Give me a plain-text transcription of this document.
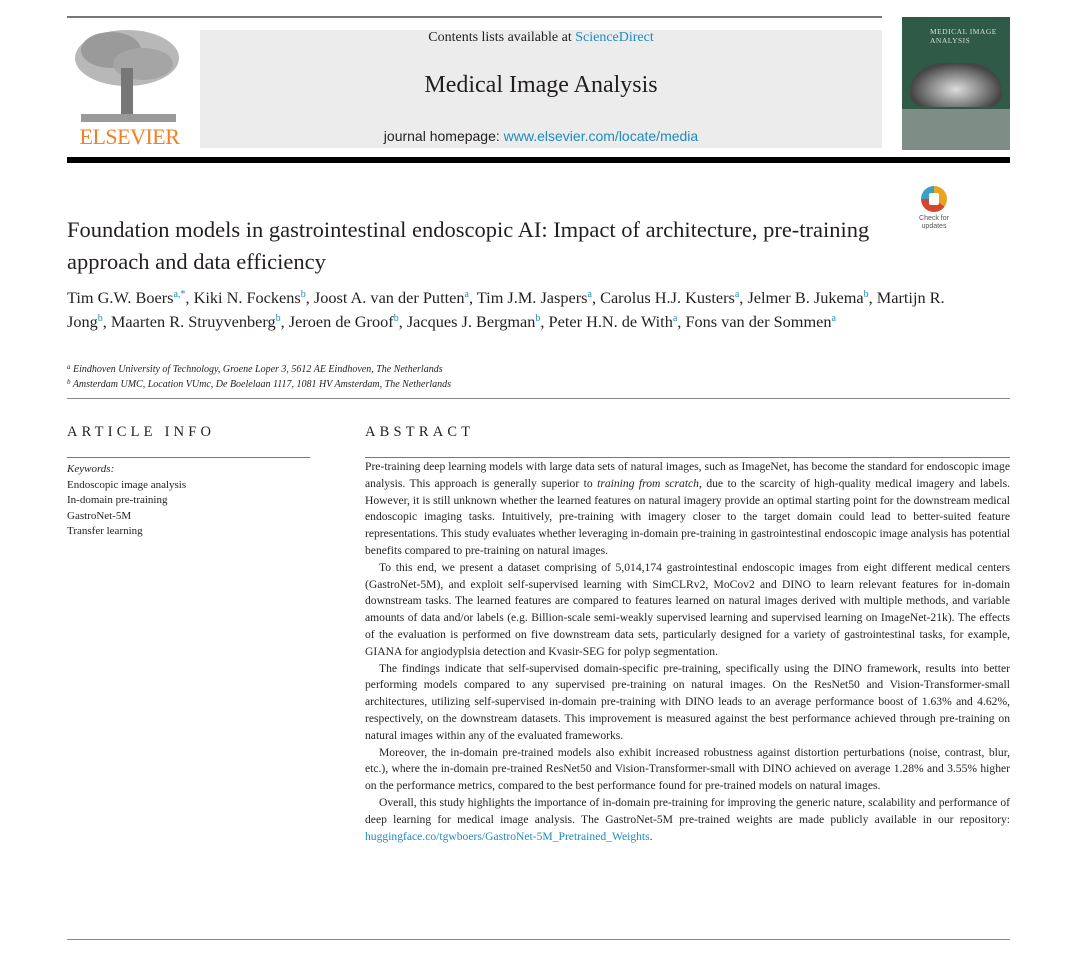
ELSEVIER
Contents lists available at ScienceDirect
Medical Image Analysis
journal homepage: www.elsevier.com/locate/media
MEDICAL IMAGE ANALYSIS
Check for updates
Foundation models in gastrointestinal endoscopic AI: Impact of architecture, pre-training approach and data efficiency
Tim G.W. Boers$^{a,*}$, Kiki N. Fockens$^b$, Joost A. van der Putten$^a$, Tim J.M. Jaspers$^a$, Carolus H.J. Kusters$^a$, Jelmer B. Jukema$^b$, Martijn R. Jong$^b$, Maarten R. Struyvenberg$^b$, Jeroen de Groof$^b$, Jacques J. Bergman$^b$, Peter H.N. de With$^a$, Fons van der Sommen$^a$
$^a$ Eindhoven University of Technology, Groene Loper 3, 5612 AE Eindhoven, The Netherlands
$^b$ Amsterdam UMC, Location VUmc, De Boelelaan 1117, 1081 HV Amsterdam, The Netherlands
ARTICLE INFO	ABSTRACT
Keywords:
Endoscopic image analysis
In-domain pre-training
GastroNet-5M
Transfer learning

Pre-training deep learning models with large data sets of natural images, such as ImageNet, has become the standard for endoscopic image analysis. This approach is generally superior to training from scratch, due to the scarcity of high-quality medical imagery and labels. However, it is still unknown whether the learned features on natural imagery provide an optimal starting point for the downstream medical endoscopic imaging tasks. Intuitively, pre-training with imagery closer to the target domain could lead to better-suited feature representations. This study evaluates whether leveraging in-domain pre-training in gastrointestinal endoscopic image analysis has potential benefits compared to pre-training on natural images.

To this end, we present a dataset comprising of 5,014,174 gastrointestinal endoscopic images from eight different medical centers (GastroNet-5M), and exploit self-supervised learning with SimCLRv2, MoCov2 and DINO to learn relevant features for in-domain downstream tasks. The learned features are compared to features learned on natural images derived with multiple methods, and variable amounts of data and/or labels (e.g. Billion-scale semi-weakly supervised learning and supervised learning on ImageNet-21k). The effects of the evaluation is performed on five downstream data sets, particularly designed for a variety of gastrointestinal tasks, for example, GIANA for angiodyplsia detection and Kvasir-SEG for polyp segmentation.

The findings indicate that self-supervised domain-specific pre-training, specifically using the DINO framework, results into better performing models compared to any supervised pre-training on natural images. On the ResNet50 and Vision-Transformer-small architectures, utilizing self-supervised in-domain pre-training with DINO leads to an average performance boost of 1.63% and 4.62%, respectively, on the downstream datasets. This improvement is measured against the best performance achieved through pre-training on natural images within any of the evaluated frameworks.

Moreover, the in-domain pre-trained models also exhibit increased robustness against distortion perturbations (noise, contrast, blur, etc.), where the in-domain pre-trained ResNet50 and Vision-Transformer-small with DINO achieved on average 1.28% and 3.55% higher on the performance metrics, compared to the best performance found for pre-trained models on natural images.

Overall, this study highlights the importance of in-domain pre-training for improving the generic nature, scalability and performance of deep learning for medical image analysis. The GastroNet-5M pre-trained weights are made publicly available in our repository: huggingface.co/tgwboers/GastroNet-5M_Pretrained_Weights.
